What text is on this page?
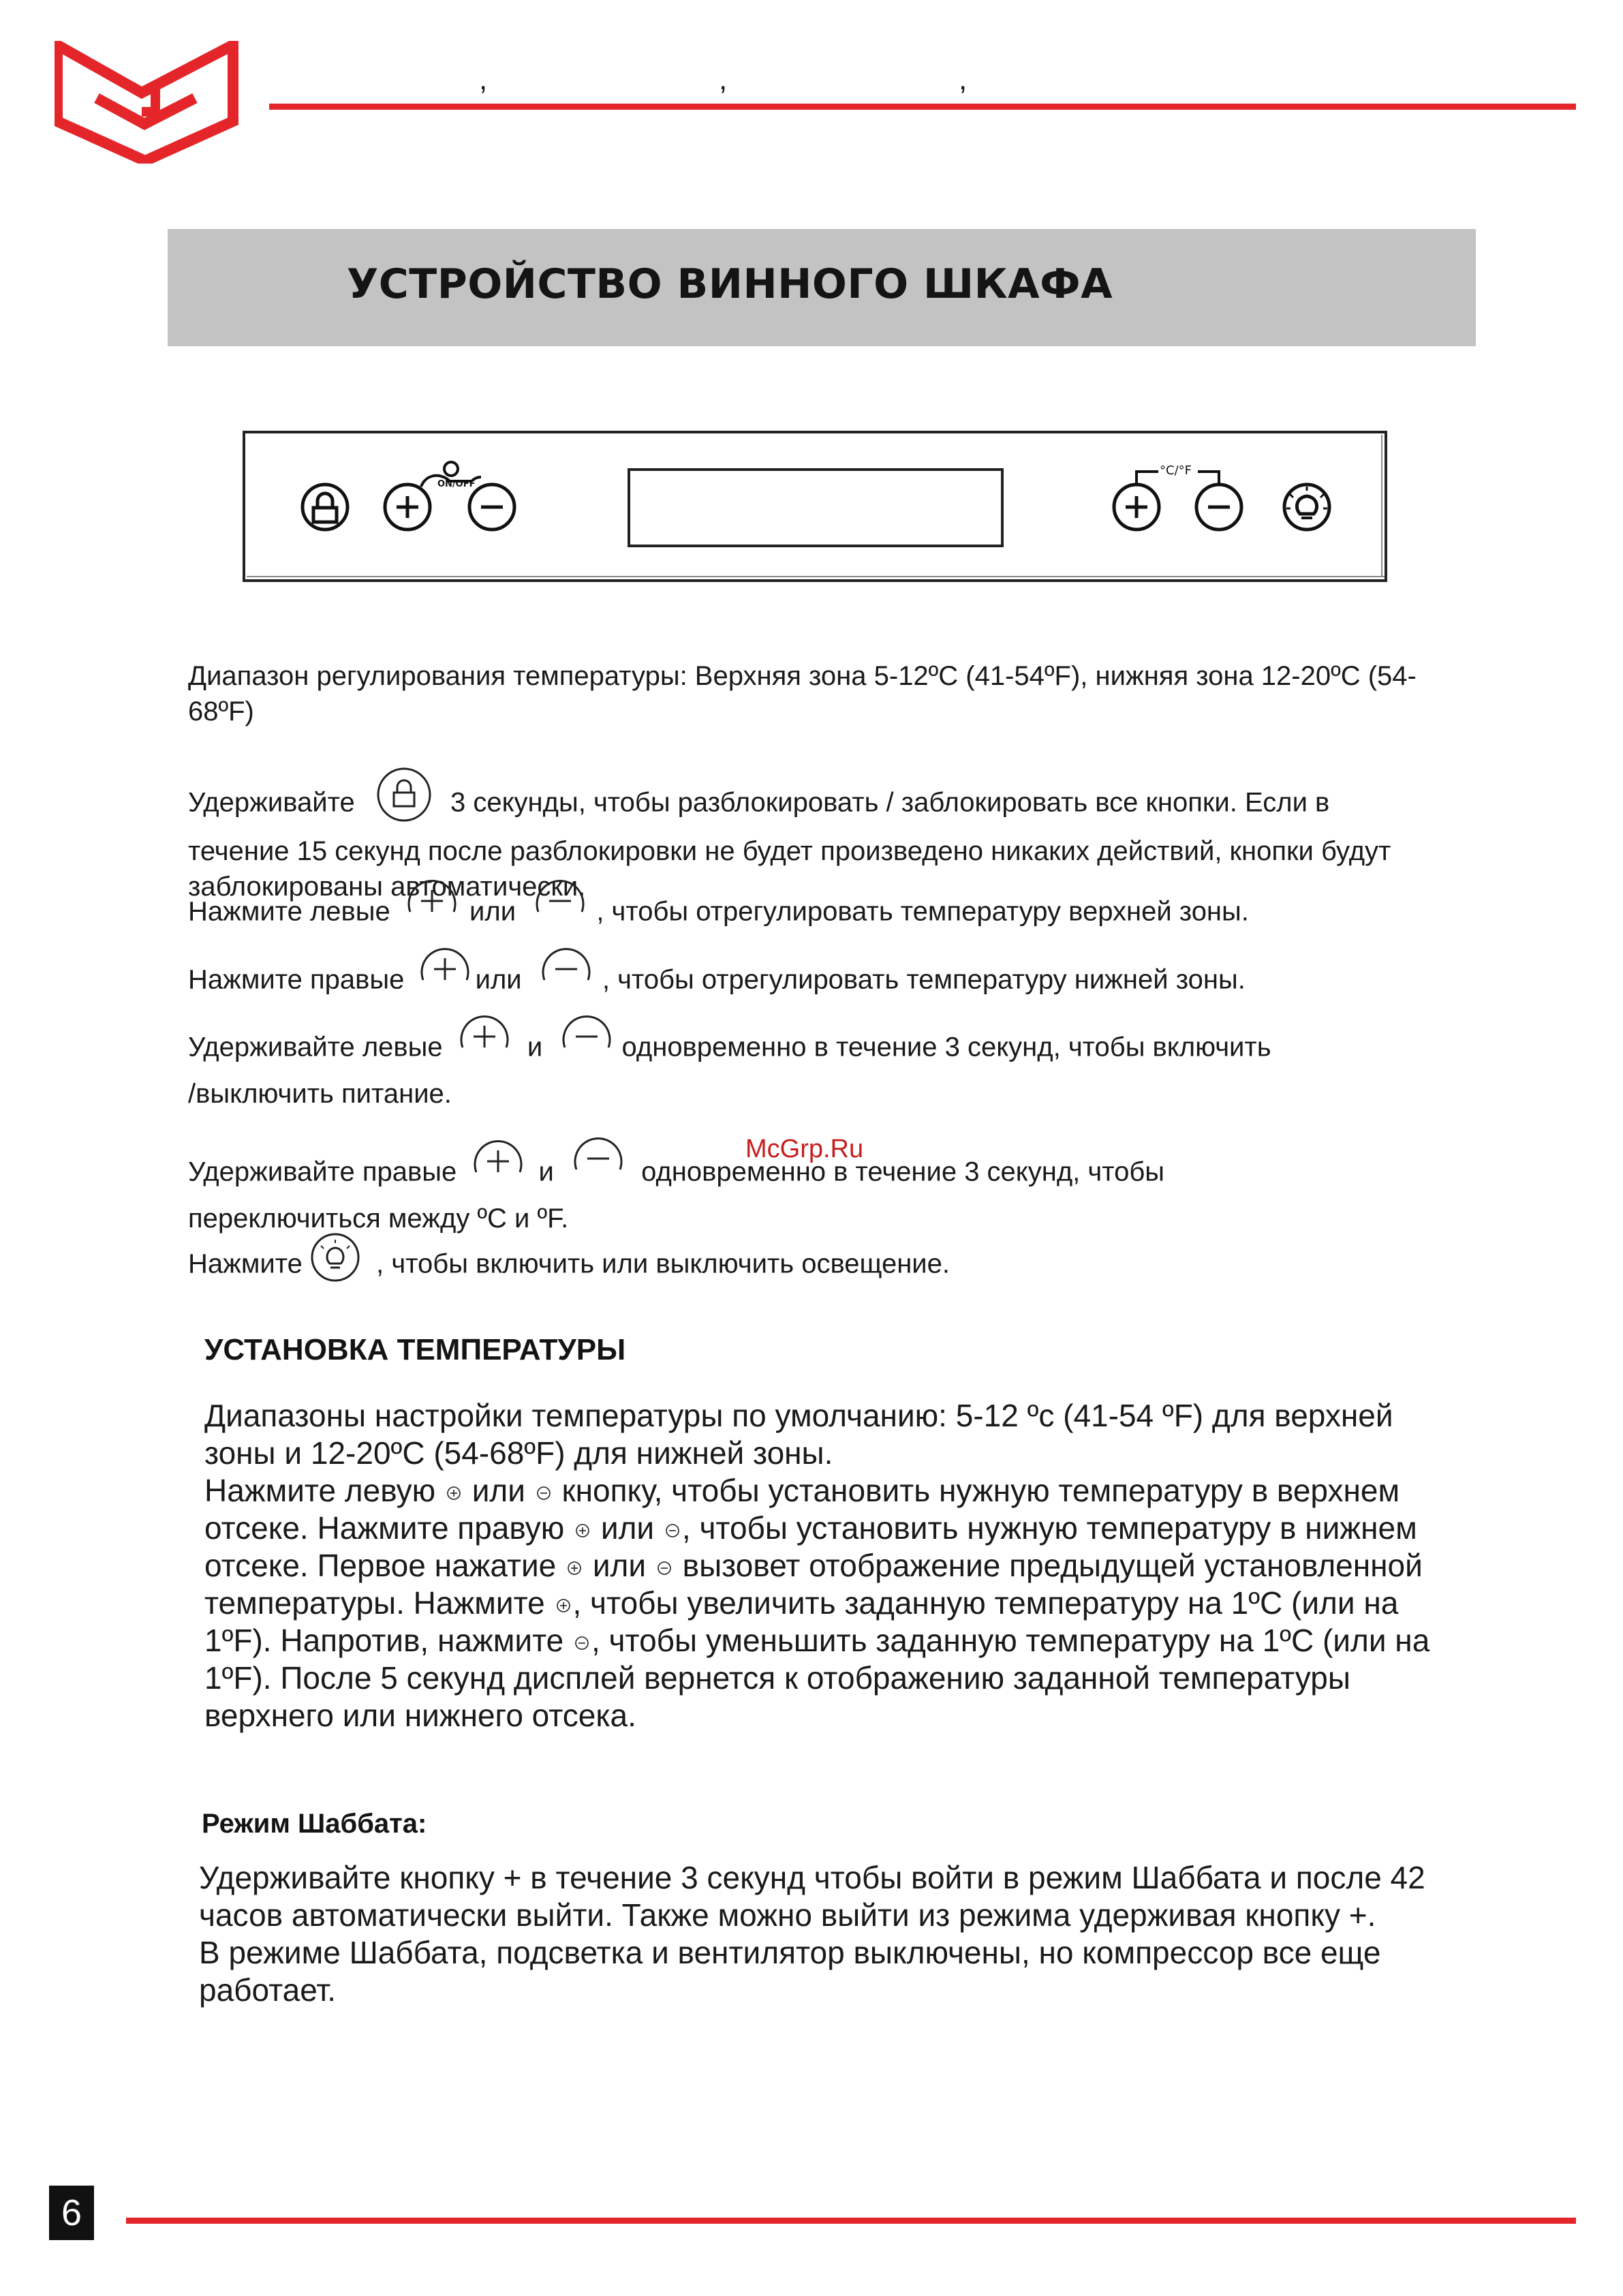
,	,	,
УСТРОЙСТВО ВИННОГО ШКАФА
ON/OFF
°C/°F
Диапазон регулирования температуры: Верхняя зона 5-12ºC (41-54ºF), нижняя зона 12-20ºC (54-68ºF)
Удерживайте	3 секунды, чтобы разблокировать / заблокировать все кнопки. Если в
течение 15 секунд после разблокировки не будет произведено никаких действий, кнопки будут заблокированы автоматически.
Нажмите левые	или	, чтобы отрегулировать температуру верхней зоны.
Нажмите правые	или	, чтобы отрегулировать температуру нижней зоны.
Удерживайте левые	и	одновременно в течение 3 секунд, чтобы включить
/выключить питание.
Удерживайте правые	и	одновременно в течение 3 секунд, чтобы
переключиться между ºC и ºF.
McGrp.Ru
Нажмите	, чтобы включить или выключить освещение.
УСТАНОВКА ТЕМПЕРАТУРЫ
Диапазоны настройки температуры по умолчанию: 5-12 ºc (41-54 ºF) для верхней зоны и 12-20ºC (54-68ºF) для нижней зоны.
Нажмите левую или кнопку, чтобы установить нужную температуру в верхнем отсеке. Нажмите правую или , чтобы установить нужную температуру в нижнем отсеке. Первое нажатие или вызовет отображение предыдущей установленной температуры. Нажмите , чтобы увеличить заданную температуру на 1ºC (или на 1ºF). Напротив, нажмите , чтобы уменьшить заданную температуру на 1ºC (или на 1ºF). После 5 секунд дисплей вернется к отображению заданной температуры верхнего или нижнего отсека.
Режим Шаббата:
Удерживайте кнопку + в течение 3 секунд чтобы войти в режим Шаббата и после 42 часов автоматически выйти. Также можно выйти из режима удерживая кнопку +.
В режиме Шаббата, подсветка и вентилятор выключены, но компрессор все еще работает.
6
